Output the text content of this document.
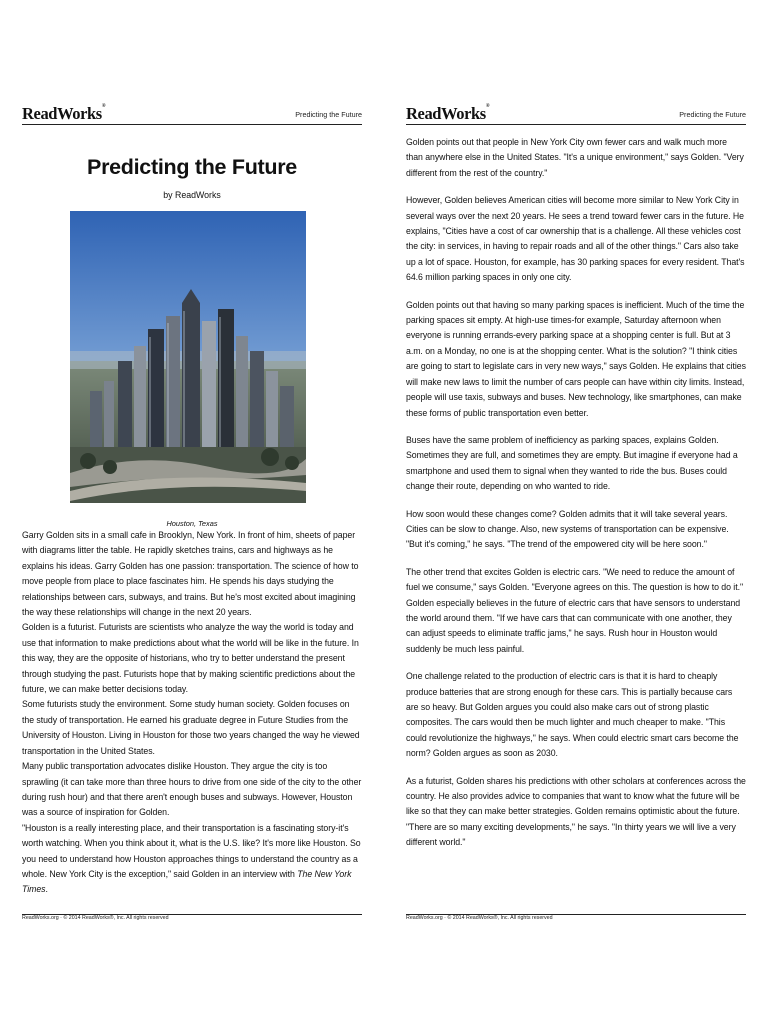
ReadWorks®
Predicting the Future
Predicting the Future
by ReadWorks
Houston, Texas

Garry Golden sits in a small cafe in Brooklyn, New York. In front of him, sheets of paper with diagrams litter the table. He rapidly sketches trains, cars and highways as he explains his ideas. Garry Golden has one passion: transportation. The science of how to move people from place to place fascinates him. He spends his days studying the relationships between cars, subways, and trains. But he's most excited about imagining the way these relationships will change in the next 20 years.

Golden is a futurist. Futurists are scientists who analyze the way the world is today and use that information to make predictions about what the world will be like in the future. In this way, they are the opposite of historians, who try to better understand the present through studying the past. Futurists hope that by making scientific predictions about the future, we can make better decisions today.

Some futurists study the environment. Some study human society. Golden focuses on the study of transportation. He earned his graduate degree in Future Studies from the University of Houston. Living in Houston for those two years changed the way he viewed transportation in the United States.

Many public transportation advocates dislike Houston. They argue the city is too sprawling (it can take more than three hours to drive from one side of the city to the other during rush hour) and that there aren't enough buses and subways. However, Houston was a source of inspiration for Golden.

"Houston is a really interesting place, and their transportation is a fascinating story-it's worth watching. When you think about it, what is the U.S. like? It's more like Houston. So you need to understand how Houston approaches things to understand the country as a whole. New York City is the exception," said Golden in an interview with The New York Times.

ReadWorks®
Predicting the Future

Golden points out that people in New York City own fewer cars and walk much more than anywhere else in the United States. "It's a unique environment," says Golden. "Very different from the rest of the country."

However, Golden believes American cities will become more similar to New York City in several ways over the next 20 years. He sees a trend toward fewer cars in the future. He explains, "Cities have a cost of car ownership that is a challenge. All these vehicles cost the city: in services, in having to repair roads and all of the other things." Cars also take up a lot of space. Houston, for example, has 30 parking spaces for every resident. That's 64.6 million parking spaces in only one city.

Golden points out that having so many parking spaces is inefficient. Much of the time the parking spaces sit empty. At high-use times-for example, Saturday afternoon when everyone is running errands-every parking space at a shopping center is full. But at 3 a.m. on a Monday, no one is at the shopping center. What is the solution? "I think cities are going to start to legislate cars in very new ways," says Golden. He explains that cities will make new laws to limit the number of cars people can have within city limits. Instead, people will use taxis, subways and buses. New technology, like smartphones, can make these forms of public transportation even better.

Buses have the same problem of inefficiency as parking spaces, explains Golden. Sometimes they are full, and sometimes they are empty. But imagine if everyone had a smartphone and used them to signal when they wanted to ride the bus. Buses could change their route, depending on who wanted to ride.

How soon would these changes come? Golden admits that it will take several years. Cities can be slow to change. Also, new systems of transportation can be expensive. "But it's coming," he says. "The trend of the empowered city will be here soon."

The other trend that excites Golden is electric cars. "We need to reduce the amount of fuel we consume," says Golden. "Everyone agrees on this. The question is how to do it." Golden especially believes in the future of electric cars that have sensors to understand the world around them. "If we have cars that can communicate with one another, they can adjust speeds to eliminate traffic jams," he says. Rush hour in Houston would suddenly be much less painful.

One challenge related to the production of electric cars is that it is hard to cheaply produce batteries that are strong enough for these cars. This is partially because cars are so heavy. But Golden argues you could also make cars out of strong plastic composites. The cars would then be much lighter and much cheaper to make. "This could revolutionize the highways," he says. When could electric smart cars become the norm? Golden argues as soon as 2030.

As a futurist, Golden shares his predictions with other scholars at conferences across the country. He also provides advice to companies that want to know what the future will be like so that they can make better strategies. Golden remains optimistic about the future. "There are so many exciting developments," he says. "In thirty years we will live a very different world."

ReadWorks.org · © 2014 ReadWorks®, Inc. All rights reserved	ReadWorks.org · © 2014 ReadWorks®, Inc. All rights reserved
